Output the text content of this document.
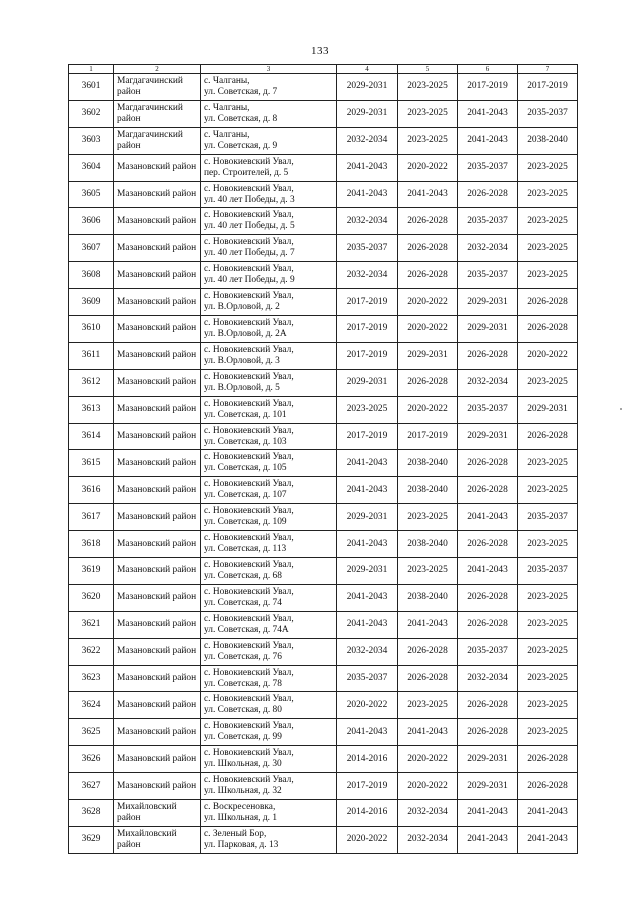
133
1	2	3	4	5	6	7
3601	Магдагачинский район	с. Чалганы,
ул. Советская, д. 7	2029-2031	2023-2025	2017-2019	2017-2019
3602	Магдагачинский район	с. Чалганы,
ул. Советская, д. 8	2029-2031	2023-2025	2041-2043	2035-2037
3603	Магдагачинский район	с. Чалганы,
ул. Советская, д. 9	2032-2034	2023-2025	2041-2043	2038-2040
3604	Мазановский район	с. Новокиевский Увал,
пер. Строителей, д. 5	2041-2043	2020-2022	2035-2037	2023-2025
3605	Мазановский район	с. Новокиевский Увал,
ул. 40 лет Победы, д. 3	2041-2043	2041-2043	2026-2028	2023-2025
3606	Мазановский район	с. Новокиевский Увал,
ул. 40 лет Победы, д. 5	2032-2034	2026-2028	2035-2037	2023-2025
3607	Мазановский район	с. Новокиевский Увал,
ул. 40 лет Победы, д. 7	2035-2037	2026-2028	2032-2034	2023-2025
3608	Мазановский район	с. Новокиевский Увал,
ул. 40 лет Победы, д. 9	2032-2034	2026-2028	2035-2037	2023-2025
3609	Мазановский район	с. Новокиевский Увал,
ул. В.Орловой, д. 2	2017-2019	2020-2022	2029-2031	2026-2028
3610	Мазановский район	с. Новокиевский Увал,
ул. В.Орловой, д. 2А	2017-2019	2020-2022	2029-2031	2026-2028
3611	Мазановский район	с. Новокиевский Увал,
ул. В.Орловой, д. 3	2017-2019	2029-2031	2026-2028	2020-2022
3612	Мазановский район	с. Новокиевский Увал,
ул. В.Орловой, д. 5	2029-2031	2026-2028	2032-2034	2023-2025
3613	Мазановский район	с. Новокиевский Увал,
ул. Советская, д. 101	2023-2025	2020-2022	2035-2037	2029-2031
3614	Мазановский район	с. Новокиевский Увал,
ул. Советская, д. 103	2017-2019	2017-2019	2029-2031	2026-2028
3615	Мазановский район	с. Новокиевский Увал,
ул. Советская, д. 105	2041-2043	2038-2040	2026-2028	2023-2025
3616	Мазановский район	с. Новокиевский Увал,
ул. Советская, д. 107	2041-2043	2038-2040	2026-2028	2023-2025
3617	Мазановский район	с. Новокиевский Увал,
ул. Советская, д. 109	2029-2031	2023-2025	2041-2043	2035-2037
3618	Мазановский район	с. Новокиевский Увал,
ул. Советская, д. 113	2041-2043	2038-2040	2026-2028	2023-2025
3619	Мазановский район	с. Новокиевский Увал,
ул. Советская, д. 68	2029-2031	2023-2025	2041-2043	2035-2037
3620	Мазановский район	с. Новокиевский Увал,
ул. Советская, д. 74	2041-2043	2038-2040	2026-2028	2023-2025
3621	Мазановский район	с. Новокиевский Увал,
ул. Советская, д. 74А	2041-2043	2041-2043	2026-2028	2023-2025
3622	Мазановский район	с. Новокиевский Увал,
ул. Советская, д. 76	2032-2034	2026-2028	2035-2037	2023-2025
3623	Мазановский район	с. Новокиевский Увал,
ул. Советская, д. 78	2035-2037	2026-2028	2032-2034	2023-2025
3624	Мазановский район	с. Новокиевский Увал,
ул. Советская, д. 80	2020-2022	2023-2025	2026-2028	2023-2025
3625	Мазановский район	с. Новокиевский Увал,
ул. Советская, д. 99	2041-2043	2041-2043	2026-2028	2023-2025
3626	Мазановский район	с. Новокиевский Увал,
ул. Школьная, д. 30	2014-2016	2020-2022	2029-2031	2026-2028
3627	Мазановский район	с. Новокиевский Увал,
ул. Школьная, д. 32	2017-2019	2020-2022	2029-2031	2026-2028
3628	Михайловский район	с. Воскресеновка,
ул. Школьная, д. 1	2014-2016	2032-2034	2041-2043	2041-2043
3629	Михайловский район	с. Зеленый Бор,
ул. Парковая, д. 13	2020-2022	2032-2034	2041-2043	2041-2043
